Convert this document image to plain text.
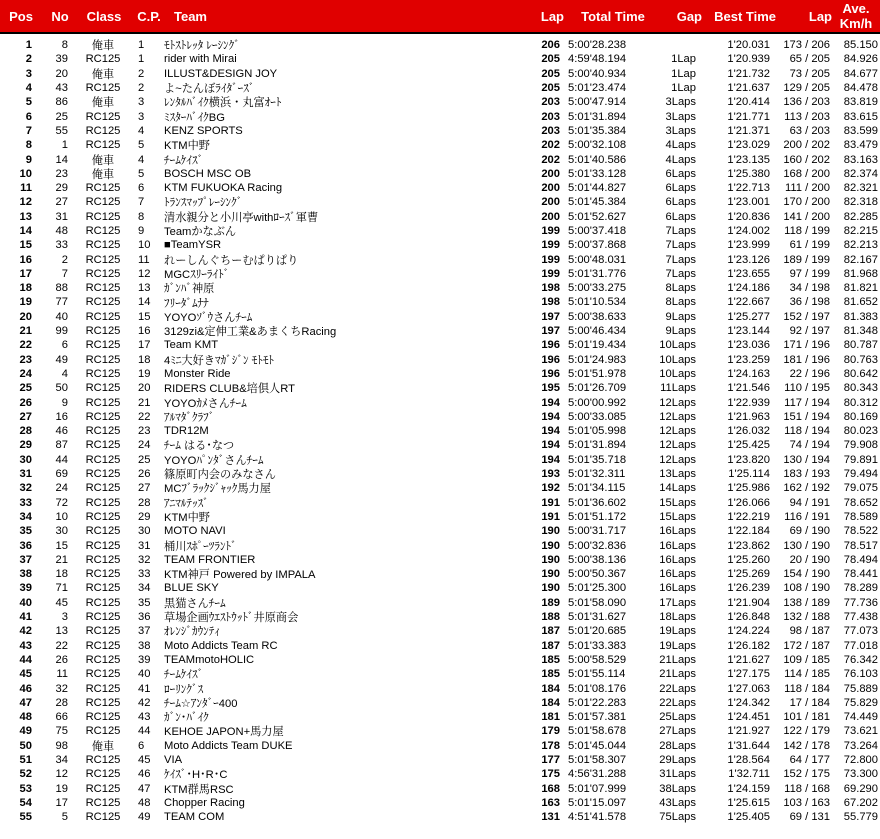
Pos	No	Class	C.P.	Team	Lap	Total Time	Gap Best Time	Lap Ave.
Km/h
1	8	俺車	1	ﾓﾄｽﾄﾚｯﾀ ﾚｰｼﾝｸﾞ	206 5:00'28.238	1'20.031	173 / 206	85.150
2	39	RC125	1	rider with Mirai	205 4:59'48.194	1Lap	1'20.939	65 / 205	84.926
3	20	俺車	2	ILLUST&DESIGN JOY	205 5:00'40.934	1Lap	1'21.732	73 / 205	84.677
4	43	RC125	2	よ~たんぼﾗｲﾀﾞｰｽﾞ	205 5:01'23.474	1Lap	1'21.637	129 / 205	84.478
5	86	俺車	3	ﾚﾝﾀﾙﾊﾞｲｸ横浜・丸富ｵｰﾄ	203 5:00'47.914	3Laps	1'20.414	136 / 203	83.819
6	25	RC125	3	ﾐｽﾀｰﾊﾞｲｸBG	203 5:01'31.894	3Laps	1'21.771	113 / 203	83.615
7	55	RC125	4	KENZ SPORTS	203 5:01'35.384	3Laps	1'21.371	63 / 203	83.599
8	1	RC125	5	KTM中野	202 5:00'32.108	4Laps	1'23.029	200 / 202	83.479
9	14	俺車	4	ﾁｰﾑｹｲｽﾞ	202 5:01'40.586	4Laps	1'23.135	160 / 202	83.163
10	23	俺車	5	BOSCH MSC OB	200 5:01'33.128	6Laps	1'25.380	168 / 200	82.374
11	29	RC125	6	KTM FUKUOKA Racing	200 5:01'44.827	6Laps	1'22.713	111 / 200	82.321
12	27	RC125	7	ﾄﾗﾝｽﾏｯﾌﾟﾚｰｼﾝｸﾞ	200 5:01'45.384	6Laps	1'23.001	170 / 200	82.318
13	31	RC125	8	清水親分と小川亭withﾛｰｽﾞ軍曹	200 5:01'52.627	6Laps	1'20.836	141 / 200	82.285
14	48	RC125	9	Teamかなぶん	199 5:00'37.418	7Laps	1'24.002	118 / 199	82.215
15	33	RC125	10	■TeamYSR	199 5:00'37.868	7Laps	1'23.999	61 / 199	82.213
16	2	RC125	11	れーしんぐちーむぱりぱり	199 5:00'48.031	7Laps	1'23.126	189 / 199	82.167
17	7	RC125	12	MGCｽﾘｰﾗｲﾄﾞ	199 5:01'31.776	7Laps	1'23.655	97 / 199	81.968
18	88	RC125	13	ｶﾞﾝﾊﾞ神原	198 5:00'33.275	8Laps	1'24.186	34 / 198	81.821
19	77	RC125	14	ﾌﾘｰﾀﾞﾑﾅﾅ	198 5:01'10.534	8Laps	1'22.667	36 / 198	81.652
20	40	RC125	15	YOYOｿﾞｳさんﾁｰﾑ	197 5:00'38.633	9Laps	1'25.277	152 / 197	81.383
21	99	RC125	16	3129zi&定伸工業&あまくちRacing	197 5:00'46.434	9Laps	1'23.144	92 / 197	81.348
22	6	RC125	17	Team KMT	196 5:01'19.434	10Laps	1'23.036	171 / 196	80.787
23	49	RC125	18	4ﾐﾆ大好きﾏｶﾞｼﾞﾝ ﾓﾄﾓﾄ	196 5:01'24.983	10Laps	1'23.259	181 / 196	80.763
24	4	RC125	19	Monster Ride	196 5:01'51.978	10Laps	1'24.163	22 / 196	80.642
25	50	RC125	20	RIDERS CLUB&培倶人RT	195 5:01'26.709	11Laps	1'21.546	110 / 195	80.343
26	9	RC125	21	YOYOｶﾒさんﾁｰﾑ	194 5:00'00.992	12Laps	1'22.939	117 / 194	80.312
27	16	RC125	22	ｱﾙﾏﾀﾞｸﾗﾌﾞ	194 5:00'33.085	12Laps	1'21.963	151 / 194	80.169
28	46	RC125	23	TDR12M	194 5:01'05.998	12Laps	1'26.032	118 / 194	80.023
29	87	RC125	24	ﾁｰﾑ はる･なつ	194 5:01'31.894	12Laps	1'25.425	74 / 194	79.908
30	44	RC125	25	YOYOﾊﾟﾝﾀﾞさんﾁｰﾑ	194 5:01'35.718	12Laps	1'23.820	130 / 194	79.891
31	69	RC125	26	篠原町内会のみなさん	193 5:01'32.311	13Laps	1'25.114	183 / 193	79.494
32	24	RC125	27	MCﾌﾞﾗｯｸｼﾞｬｯｸ馬力屋	192 5:01'34.115	14Laps	1'25.986	162 / 192	79.075
33	72	RC125	28	ｱﾆﾏﾙﾃｯｽﾞ	191 5:01'36.602	15Laps	1'26.066	94 / 191	78.652
34	10	RC125	29	KTM中野	191 5:01'51.172	15Laps	1'22.219	116 / 191	78.589
35	30	RC125	30	MOTO NAVI	190 5:00'31.717	16Laps	1'22.184	69 / 190	78.522
36	15	RC125	31	桶川ｽﾎﾟｰﾂﾗﾝﾄﾞ	190 5:00'32.836	16Laps	1'23.862	130 / 190	78.517
37	21	RC125	32	TEAM FRONTIER	190 5:00'38.136	16Laps	1'25.260	20 / 190	78.494
38	18	RC125	33	KTM神戸 Powered by IMPALA	190 5:00'50.367	16Laps	1'25.269	154 / 190	78.441
39	71	RC125	34	BLUE SKY	190 5:01'25.300	16Laps	1'26.239	108 / 190	78.289
40	45	RC125	35	黒猫さんﾁｰﾑ	189 5:01'58.090	17Laps	1'21.904	138 / 189	77.736
41	3	RC125	36	草場企画ｳｴｽﾄｳｯﾄﾞ井原商会	188 5:01'31.627	18Laps	1'26.848	132 / 188	77.438
42	13	RC125	37	ｵﾚﾝｼﾞｶｳﾝﾃｨ	187 5:01'20.685	19Laps	1'24.224	98 / 187	77.073
43	22	RC125	38	Moto Addicts Team RC	187 5:01'33.383	19Laps	1'26.182	172 / 187	77.018
44	26	RC125	39	TEAMmotoHOLIC	185 5:00'58.529	21Laps	1'21.627	109 / 185	76.342
45	11	RC125	40	ﾁｰﾑｹｲｽﾞ	185 5:01'55.114	21Laps	1'27.175	114 / 185	76.103
46	32	RC125	41	ﾛｰﾘﾝｸﾞｽ	184 5:01'08.176	22Laps	1'27.063	118 / 184	75.889
47	28	RC125	42	ﾁｰﾑ☆ｱﾝﾀﾞｰ400	184 5:01'22.283	22Laps	1'24.342	17 / 184	75.829
48	66	RC125	43	ｶﾞﾝ･ﾊﾞｲｸ	181 5:01'57.381	25Laps	1'24.451	101 / 181	74.449
49	75	RC125	44	KEHOE JAPON+馬力屋	179 5:01'58.678	27Laps	1'21.927	122 / 179	73.621
50	98	俺車	6	Moto Addicts Team DUKE	178 5:01'45.044	28Laps	1'31.644	142 / 178	73.264
51	34	RC125	45	VIA	177 5:01'58.307	29Laps	1'28.564	64 / 177	72.800
52	12	RC125	46	ｹｲｽﾞ･H･R･C	175 4:56'31.288	31Laps	1'32.711	152 / 175	73.300
53	19	RC125	47	KTM群馬RSC	168 5:01'07.999	38Laps	1'24.159	118 / 168	69.290
54	17	RC125	48	Chopper Racing	163 5:01'15.097	43Laps	1'25.615	103 / 163	67.202
55	5	RC125	49	TEAM COM	131 4:51'41.578	75Laps	1'25.405	69 / 131	55.779
